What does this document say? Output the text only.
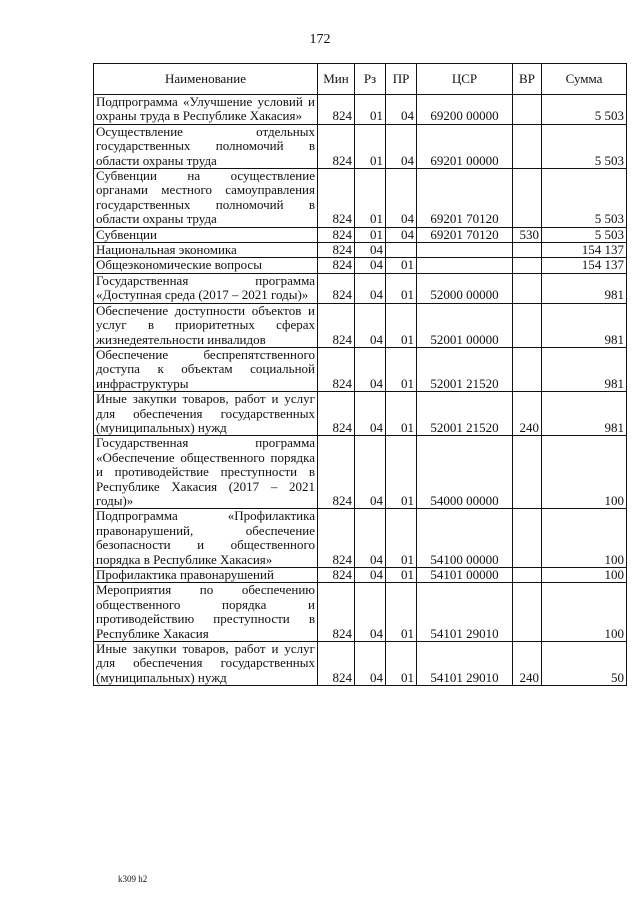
172
Наименование	Мин	Рз	ПР	ЦСР	ВР	Сумма
Подпрограмма «Улучшение условий и охраны труда в Республике Хакасия»	824	01	04	69200 00000		5 503
Осуществление отдельных государственных полномочий в области охраны труда	824	01	04	69201 00000		5 503
Субвенции на осуществление органами местного самоуправления государственных полномочий в области охраны труда	824	01	04	69201 70120		5 503
Субвенции	824	01	04	69201 70120	530	5 503
Национальная экономика	824	04				154 137
Общеэкономические вопросы	824	04	01			154 137
Государственная программа «Доступная среда (2017 – 2021 годы)»	824	04	01	52000 00000		981
Обеспечение доступности объектов и услуг в приоритетных сферах жизнедеятельности инвалидов	824	04	01	52001 00000		981
Обеспечение беспрепятственного доступа к объектам социальной инфраструктуры	824	04	01	52001 21520		981
Иные закупки товаров, работ и услуг для обеспечения государственных (муниципальных) нужд	824	04	01	52001 21520	240	981
Государственная программа «Обеспечение общественного порядка и противодействие преступности в Республике Хакасия (2017 – 2021 годы)»	824	04	01	54000 00000		100
Подпрограмма «Профилактика правонарушений, обеспечение безопасности и общественного порядка в Республике Хакасия»	824	04	01	54100 00000		100
Профилактика правонарушений	824	04	01	54101 00000		100
Мероприятия по обеспечению общественного порядка и противодействию преступности в Республике Хакасия	824	04	01	54101 29010		100
Иные закупки товаров, работ и услуг для обеспечения государственных (муниципальных) нужд	824	04	01	54101 29010	240	50
k309 h2
